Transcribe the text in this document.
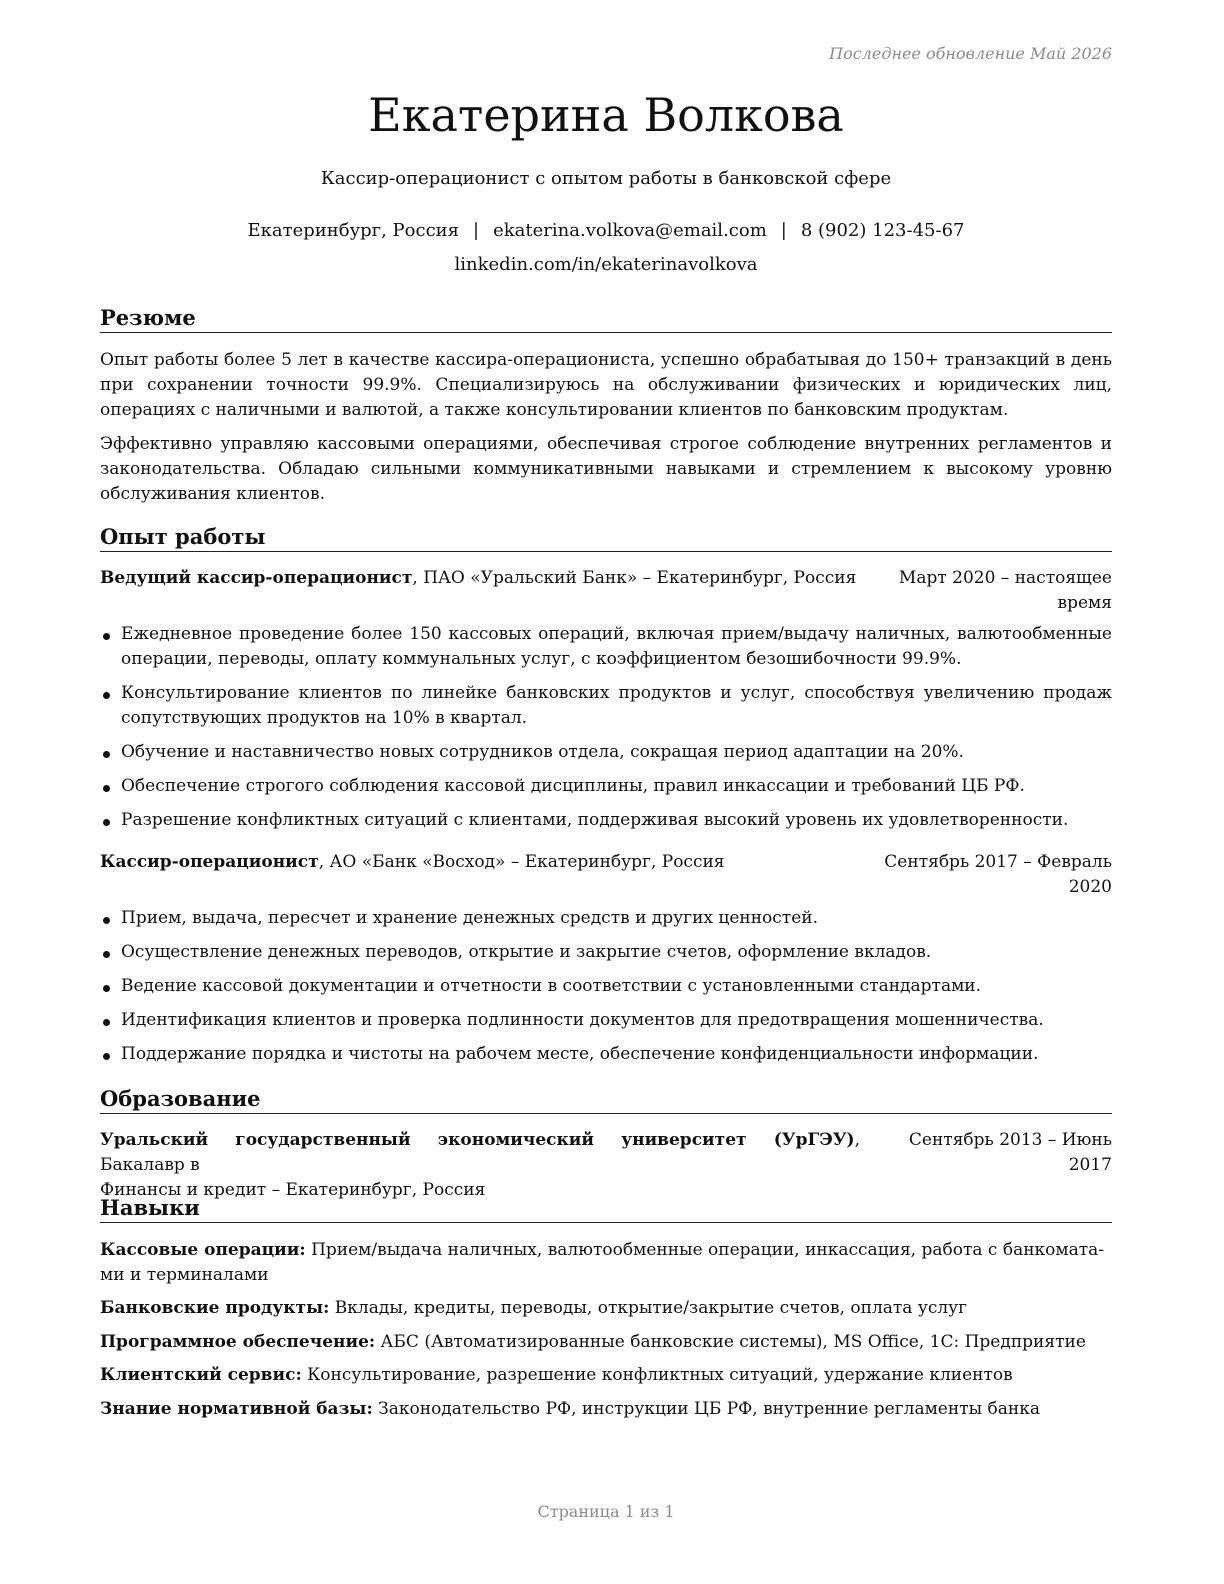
Последнее обновление Май 2026
Екатерина Волкова
Кассир-операционист с опытом работы в банковской сфере
Екатеринбург, Россия | ekaterina.volkova@email.com | 8 (902) 123-45-67
linkedin.com/in/ekaterinavolkova
Резюме

Опыт работы более 5 лет в качестве кассира-операциониста, успешно обрабатывая до 150+ транзакций в день при сохранении точности 99.9%. Специализируюсь на обслуживании физических и юридических лиц, операциях с наличными и валютой, а также консультировании клиентов по банковским продуктам.

Эффективно управляю кассовыми операциями, обеспечивая строгое соблюдение внутренних регламентов и законодательства. Обладаю сильными коммуникативными навыками и стремлением к высокому уровню обслуживания клиентов.

Опыт работы
Ведущий кассир-операционист, ПАО «Уральский Банк» – Екатеринбург, Россия	Март 2020 – настоящее
время
Ежедневное проведение более 150 кассовых операций, включая прием/выдачу наличных, валютообменные операции, переводы, оплату коммунальных услуг, с коэффициентом безошибочности 99.9%.
Консультирование клиентов по линейке банковских продуктов и услуг, способствуя увеличению продаж сопутствующих продуктов на 10% в квартал.
Обучение и наставничество новых сотрудников отдела, сокращая период адаптации на 20%.
Обеспечение строгого соблюдения кассовой дисциплины, правил инкассации и требований ЦБ РФ.
Разрешение конфликтных ситуаций с клиентами, поддерживая высокий уровень их удовлетворенности.
Кассир-операционист, АО «Банк «Восход» – Екатеринбург, Россия	Сентябрь 2017 – Февраль
2020
Прием, выдача, пересчет и хранение денежных средств и других ценностей.
Осуществление денежных переводов, открытие и закрытие счетов, оформление вкладов.
Ведение кассовой документации и отчетности в соответствии с установленными стандартами.
Идентификация клиентов и проверка подлинности документов для предотвращения мошенничества.
Поддержание порядка и чистоты на рабочем месте, обеспечение конфиденциальности информации.
Образование
Уральский государственный экономический университет (УрГЭУ), Бакалавр в
Финансы и кредит – Екатеринбург, Россия
Сентябрь 2013 – Июнь
2017
Навыки
Кассовые операции: Прием/выдача наличных, валютообменные операции, инкассация, работа с банкомата-
ми и терминалами
Банковские продукты: Вклады, кредиты, переводы, открытие/закрытие счетов, оплата услуг
Программное обеспечение: АБС (Автоматизированные банковские системы), MS Office, 1С: Предприятие
Клиентский сервис: Консультирование, разрешение конфликтных ситуаций, удержание клиентов
Знание нормативной базы: Законодательство РФ, инструкции ЦБ РФ, внутренние регламенты банка
Страница 1 из 1
